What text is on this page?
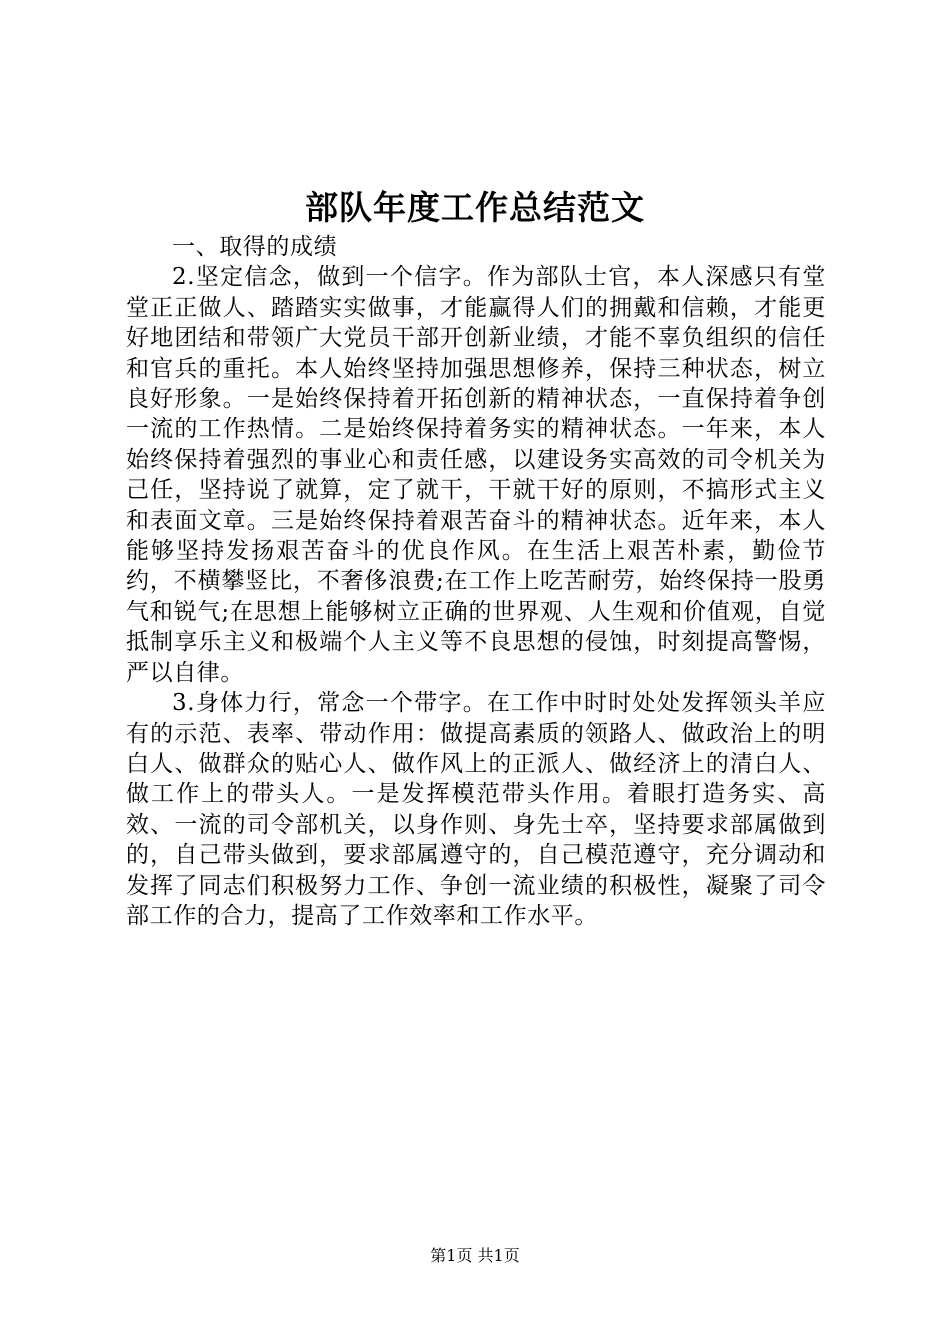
部队年度工作总结范文

一、取得的成绩

2.坚定信念，做到一个信字。作为部队士官，本人深感只有堂堂正正做人、踏踏实实做事，才能赢得人们的拥戴和信赖，才能更好地团结和带领广大党员干部开创新业绩，才能不辜负组织的信任和官兵的重托。本人始终坚持加强思想修养，保持三种状态，树立良好形象。一是始终保持着开拓创新的精神状态，一直保持着争创一流的工作热情。二是始终保持着务实的精神状态。一年来，本人始终保持着强烈的事业心和责任感，以建设务实高效的司令机关为己任，坚持说了就算，定了就干，干就干好的原则，不搞形式主义和表面文章。三是始终保持着艰苦奋斗的精神状态。近年来，本人能够坚持发扬艰苦奋斗的优良作风。在生活上艰苦朴素，勤俭节约，不横攀竖比，不奢侈浪费;在工作上吃苦耐劳，始终保持一股勇气和锐气;在思想上能够树立正确的世界观、人生观和价值观，自觉抵制享乐主义和极端个人主义等不良思想的侵蚀，时刻提高警惕，严以自律。

3.身体力行，常念一个带字。在工作中时时处处发挥领头羊应有的示范、表率、带动作用：做提高素质的领路人、做政治上的明白人、做群众的贴心人、做作风上的正派人、做经济上的清白人、做工作上的带头人。一是发挥模范带头作用。着眼打造务实、高效、一流的司令部机关，以身作则、身先士卒，坚持要求部属做到的，自己带头做到，要求部属遵守的，自己模范遵守，充分调动和发挥了同志们积极努力工作、争创一流业绩的积极性，凝聚了司令部工作的合力，提高了工作效率和工作水平。

第1页 共1页
